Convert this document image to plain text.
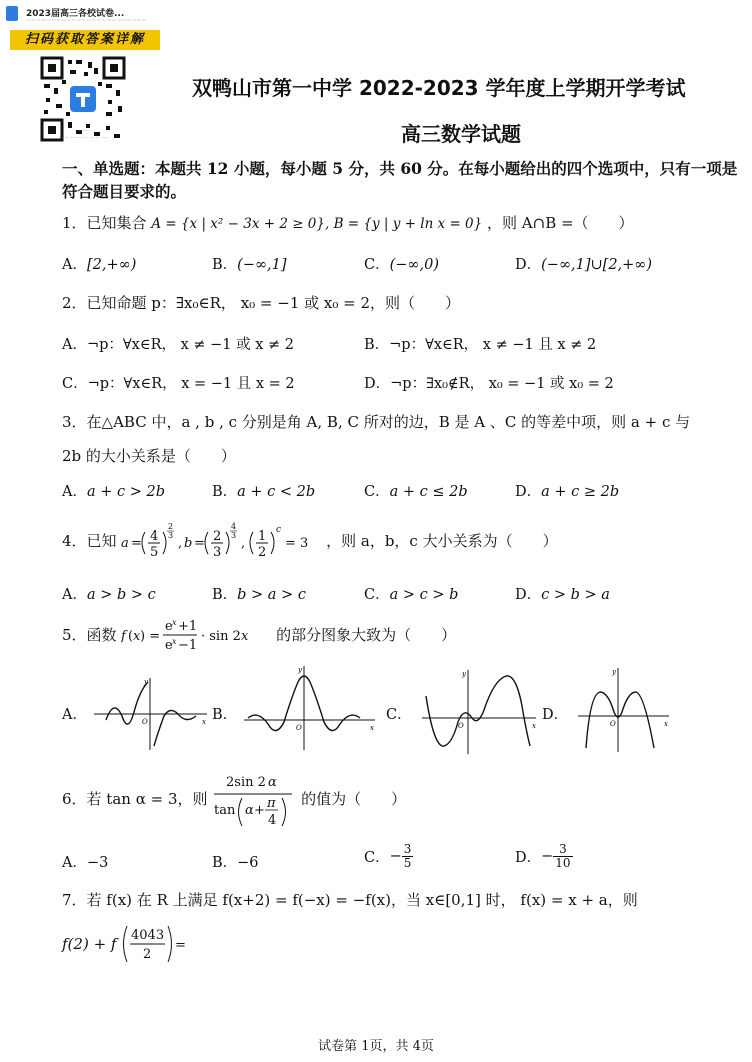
2023届高三各校试卷...
~~~~~~~~~~~~~~~~~~~~~~~~
扫码获取答案详解
······
·· ·· ······ ·· ·· ·· ····
双鸭山市第一中学 2022-2023 学年度上学期开学考试
高三数学试题
一、单选题：本题共 12 小题，每小题 5 分，共 60 分。在每小题给出的四个选项中，只有一项是符合题目要求的。
1．已知集合 A = {x | x² − 3x + 2 ≥ 0}, B = {y | y + ln x = 0} ，则 A∩B =（　　）
A．[2,+∞)	B．(−∞,1]	C．(−∞,0)	D．(−∞,1]∪[2,+∞)
2．已知命题 p：∃x₀∈R， x₀ = −1 或 x₀ = 2，则（　　）
A．¬p：∀x∈R， x ≠ −1 或 x ≠ 2	B．¬p：∀x∈R， x ≠ −1 且 x ≠ 2
C．¬p：∀x∈R， x = −1 且 x = 2	D．¬p：∃x₀∉R， x₀ = −1 或 x₀ = 2
3．在△ABC 中，a , b , c 分别是角 A, B, C 所对的边，B 是 A 、C 的等差中项，则 a + c 与
2b 的大小关系是（　　）
A．a + c > 2b	B．a + c < 2b	C．a + c ≤ 2b	D．a + c ≥ 2b
4．已知 a = 4
5
2
3
, b = 2
3
4
3
, 1
2
c
= 3 ，则 a，b，c 大小关系为（　　）
A．a > b > c	B．b > a > c	C．a > c > b	D．c > b > a
5．函数 f ( x ) =
e x +1
e x −1
· sin 2 x 的部分图象大致为（　　）
A．
y
x
O	B．
y
x
O
C．
y
x
O
D．
y
x
O
6．若 tan α = 3，则
2sin 2 α
tan α + π
4
的值为（　　）
A．−3	B．−6	C．− $\frac{3}{5}$	D．− $\frac{3}{10}$
7．若 f(x) 在 R 上满足 f(x+2) = f(−x) = −f(x)，当 x∈[0,1] 时， f(x) = x + a，则
f(2) + f 4043
2
=
试卷第 1页，共 4页
